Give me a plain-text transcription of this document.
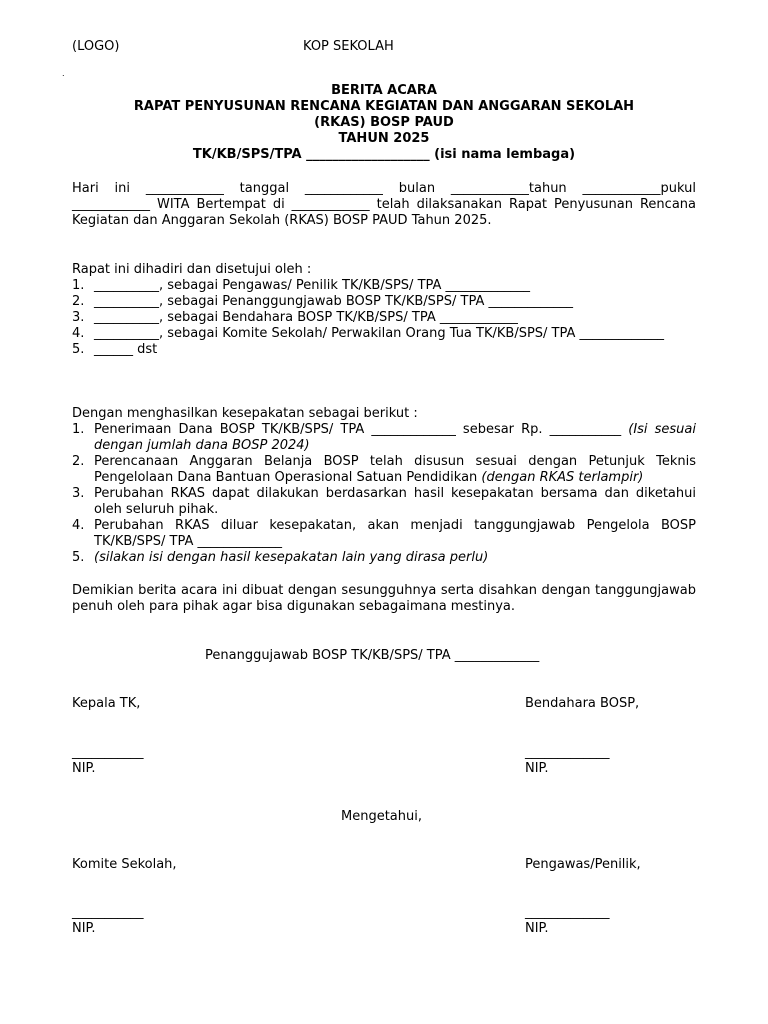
(LOGO)	KOP SEKOLAH
.
BERITA ACARA
RAPAT PENYUSUNAN RENCANA KEGIATAN DAN ANGGARAN SEKOLAH
(RKAS) BOSP PAUD
TAHUN 2025
TK/KB/SPS/TPA ___________________ (isi nama lembaga)
Hari ini ____________ tanggal ____________ bulan ____________tahun ____________pukul ____________ WITA Bertempat di ____________ telah dilaksanakan Rapat Penyusunan Rencana Kegiatan dan Anggaran Sekolah (RKAS) BOSP PAUD Tahun 2025.
Rapat ini dihadiri dan disetujui oleh :
1. __________, sebagai Pengawas/ Penilik TK/KB/SPS/ TPA _____________
2. __________, sebagai Penanggungjawab BOSP TK/KB/SPS/ TPA _____________
3. __________, sebagai Bendahara BOSP TK/KB/SPS/ TPA ____________
4. __________, sebagai Komite Sekolah/ Perwakilan Orang Tua TK/KB/SPS/ TPA _____________
5. ______ dst
Dengan menghasilkan kesepakatan sebagai berikut :
1. Penerimaan Dana BOSP TK/KB/SPS/ TPA _____________ sebesar Rp. ___________ (Isi sesuai dengan jumlah dana BOSP 2024)
2. Perencanaan Anggaran Belanja BOSP telah disusun sesuai dengan Petunjuk Teknis Pengelolaan Dana Bantuan Operasional Satuan Pendidikan (dengan RKAS terlampir)
3. Perubahan RKAS dapat dilakukan berdasarkan hasil kesepakatan bersama dan diketahui oleh seluruh pihak.
4. Perubahan RKAS diluar kesepakatan, akan menjadi tanggungjawab Pengelola BOSP TK/KB/SPS/ TPA _____________
5. (silakan isi dengan hasil kesepakatan lain yang dirasa perlu)
Demikian berita acara ini dibuat dengan sesungguhnya serta disahkan dengan tanggungjawab penuh oleh para pihak agar bisa digunakan sebagaimana mestinya.
Penanggujawab BOSP TK/KB/SPS/ TPA _____________
Kepala TK,	Bendahara BOSP,
___________	_____________
NIP.	NIP.
Mengetahui,
Komite Sekolah,	Pengawas/Penilik,
___________	_____________
NIP.	NIP.
